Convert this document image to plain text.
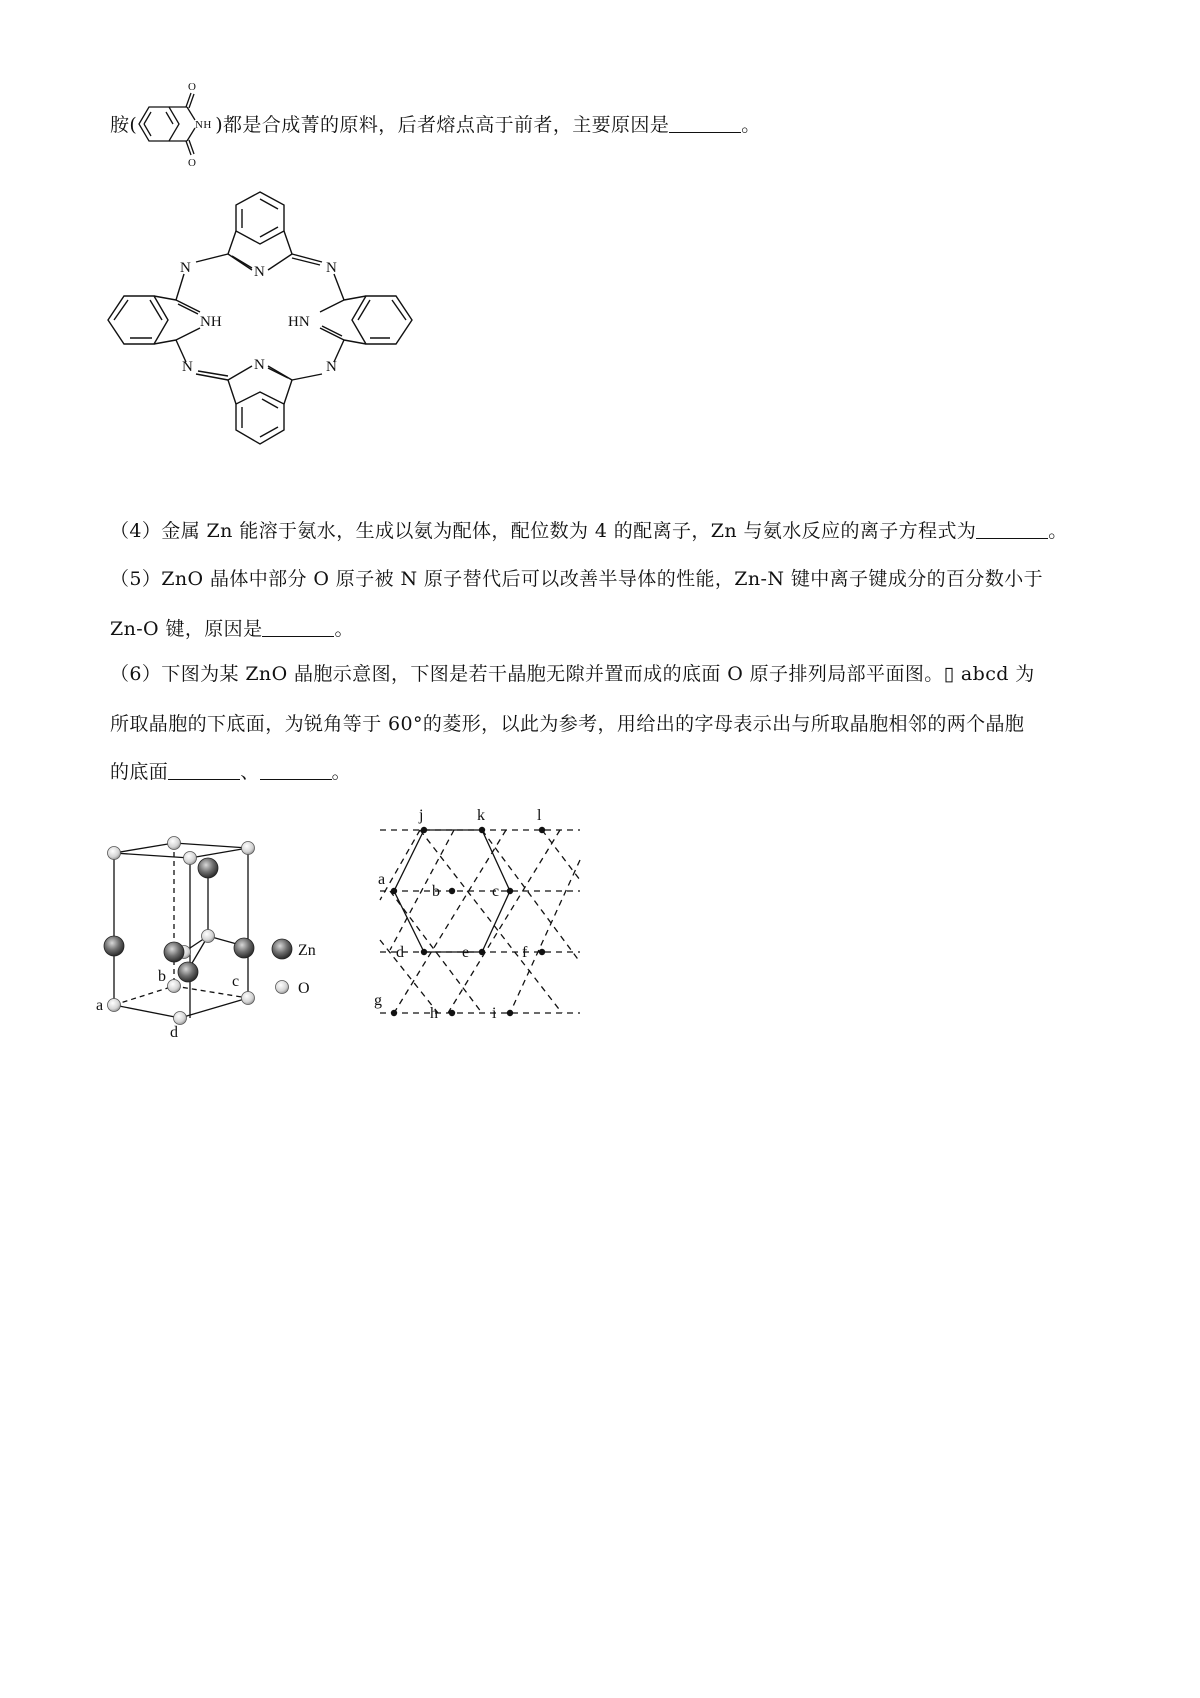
胺(
O
O
NH )都是合成菁的原料，后者熔点高于前者，主要原因是	。
N	N	N
NH	HN
N	N	N
（4）金属 Zn 能溶于氨水，生成以氨为配体，配位数为 4 的配离子，Zn 与氨水反应的离子方程式为	。
（5）ZnO 晶体中部分 O 原子被 N 原子替代后可以改善半导体的性能，Zn-N 键中离子键成分的百分数小于
Zn-O 键，原因是	。
（6）下图为某 ZnO 晶胞示意图，下图是若干晶胞无隙并置而成的底面 O 原子排列局部平面图。▯ abcd 为
所取晶胞的下底面，为锐角等于 60°的菱形，以此为参考，用给出的字母表示出与所取晶胞相邻的两个晶胞
的底面	、	。
Zn
O
a
b	c
d
j	k	l
a
b	c
d	e	f
g
h	i
